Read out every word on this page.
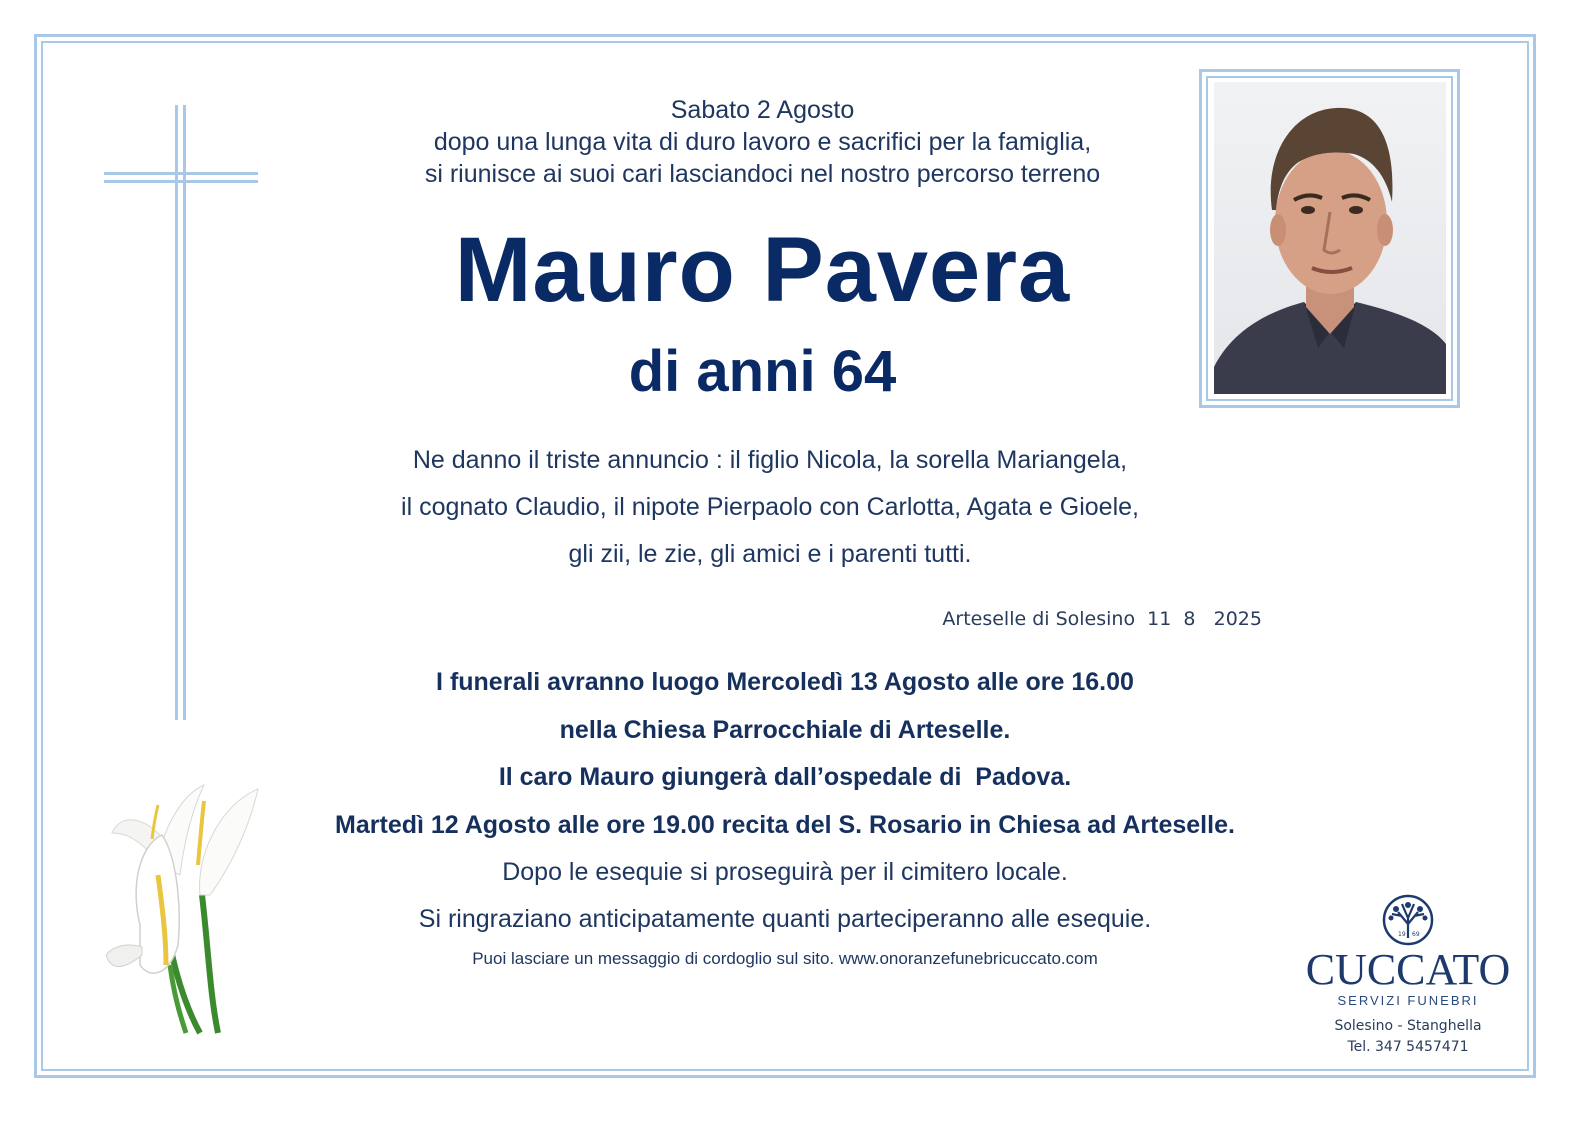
Sabato 2 Agosto
dopo una lunga vita di duro lavoro e sacrifici per la famiglia,
si riunisce ai suoi cari lasciandoci nel nostro percorso terreno
Mauro Pavera
di anni 64
Ne danno il triste annuncio : il figlio Nicola, la sorella Mariangela,
il cognato Claudio, il nipote Pierpaolo con Carlotta, Agata e Gioele,
gli zii, le zie, gli amici e i parenti tutti.
Arteselle di Solesino  11  8   2025
I funerali avranno luogo Mercoledì 13 Agosto alle ore 16.00
nella Chiesa Parrocchiale di Arteselle.
Il caro Mauro giungerà dall’ospedale di  Padova.
Martedì 12 Agosto alle ore 19.00 recita del S. Rosario in Chiesa ad Arteselle.
Dopo le esequie si proseguirà per il cimitero locale.
Si ringraziano anticipatamente quanti parteciperanno alle esequie.
Puoi lasciare un messaggio di cordoglio sul sito. www.onoranzefunebricuccato.com
19 69
CUCCATO
SERVIZI FUNEBRI
Solesino - Stanghella
Tel. 347 5457471
